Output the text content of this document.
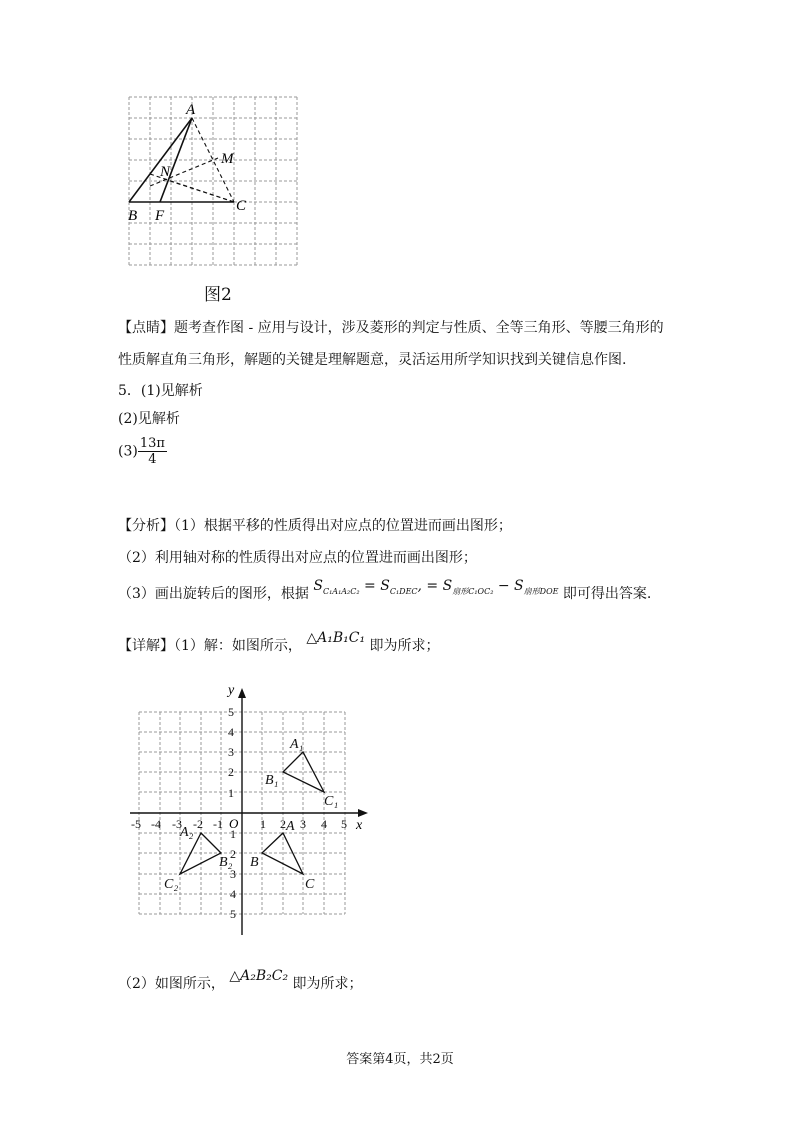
A
M
N
B F
C
图2
【点睛】题考查作图 - 应用与设计，涉及菱形的判定与性质、全等三角形、等腰三角形的
性质解直角三角形，解题的关键是理解题意，灵活运用所学知识找到关键信息作图.
5．(1)见解析
(2)见解析
$(3) \frac{13\pi}{4}$
【分析】（1）根据平移的性质得出对应点的位置进而画出图形；
（2）利用轴对称的性质得出对应点的位置进而画出图形；
（3）画出旋转后的图形，根据 $S_{C_1A_1A_2C_2} = S_{C_1DEC}$, = $S_{扇形C_1OC_2} - S_{扇形DOE}$ 即可得出答案.
【详解】（1）解：如图所示， △A₁B₁C₁ 即为所求；
x
y
O
-5 -4 -3 -2 -1	1 2 3 4 5
5
4
3
2
1
1
2
3
4
5
A₁
B₁
C₁
A
B
C
A₂
B₂
C₂
（2）如图所示， △A₂B₂C₂ 即为所求；
答案第4页，共2页
